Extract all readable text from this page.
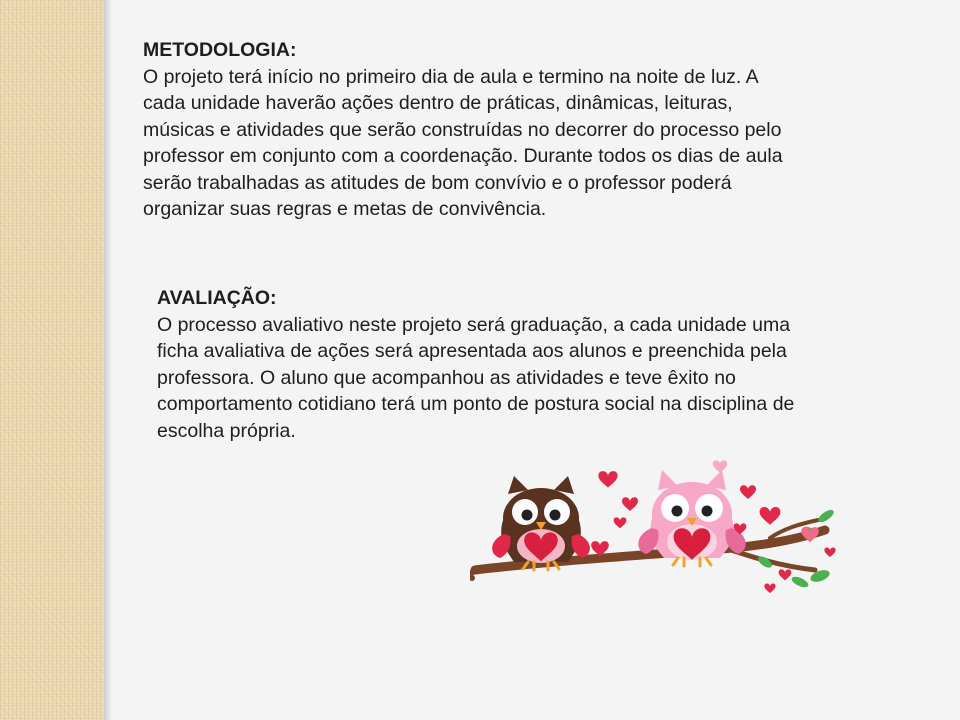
METODOLOGIA:

O projeto terá início no primeiro dia de aula e termino na noite de luz. A
cada unidade haverão ações dentro de práticas, dinâmicas, leituras,
músicas e atividades que serão construídas no decorrer do processo pelo
professor em conjunto com a coordenação. Durante todos os dias de aula
serão trabalhadas as atitudes de bom convívio e o professor poderá
organizar suas regras e metas de convivência.

AVALIAÇÃO:

O processo avaliativo neste projeto será graduação, a cada unidade uma
ficha avaliativa de ações será apresentada aos alunos e preenchida pela
professora. O aluno que acompanhou as atividades e teve êxito no
comportamento cotidiano terá um ponto de postura social na disciplina de
escolha própria.
